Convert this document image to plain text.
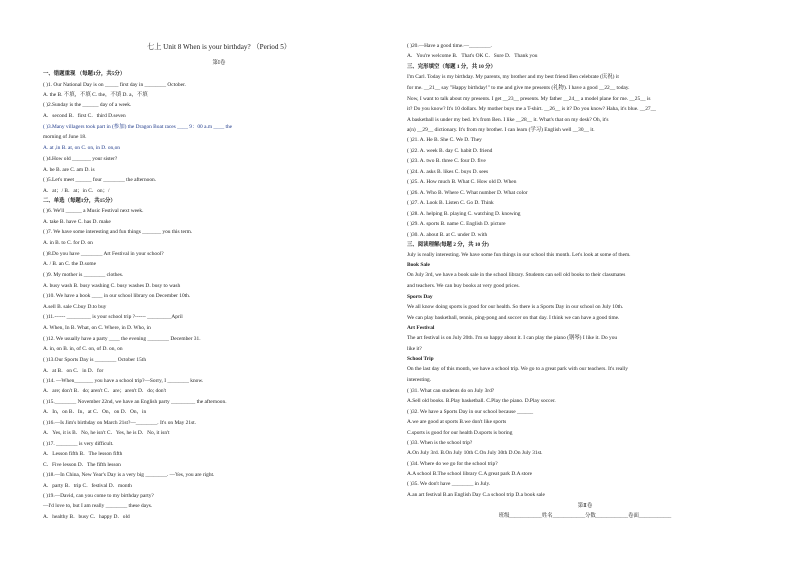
七上 Unit 8 When is your birthday? （Period 5）
第Ⅰ卷
一、错题重现 （每题1分，共5分）
( )1. Our National Day is on _____ first day in ________ October.
A. the B. 不填，不填 C. the，不填 D. a，不填
( )2.Sunday is the ______ day of a week.
A．second B．first C．third D.seven
( )3.Many villagers took part in (参加) the Dragon Boat races ____ 9：00 a.m ____ the
morning of June 18.
A. at ,in B. at, on C. on, in D. on,on
( )4.How old _______ your sister?
A. be B. are C. am D. is
( )5.Let's meet ______ four ________ the afternoon.
A．at；/ B．at；in C．on；/
二、单选（每题1分，共15分）
( )6. We'll ______ a Music Festival next week.
A. take B. have C. has D. make
( )7. We have some interesting and fun things _______ you this term.
A. in B. to C. for D. on
( )8.Do you have ________ Art Festival in your school?
A. / B. an C. the D.some
( )9. My mother is ________ clothes.
A. busy wash B. busy washing C. busy washes D. busy to wash
( )10. We have a book ____ in our school library on December 10th.
A.sell B. sale C.buy D.to buy
( )11.------ _________ is your school trip ?------ _________April
A. When, In B. What, on C. Where, in D. Who, in
( )12. We usually have a party ____ the evening ________ December 31.
A. in, on B. in, of C. on, of D. on, on
( )13.Our Sports Day is ________ October 15th
A．at B．on C．in D．for
( )14. —When_______ you have a school trip?—Sorry, I ________ know.
A．are; don't B．do; aren't C．are；aren't D．do; don't
( )15.________ November 22nd, we have an English party _________ the afternoon.
A．In，on B．In，at C．On，on D．On，in
( )16.—Is Jim's birthday on March 21st?—________. It's on May 21st.
A．Yes, it is B．No, he isn't C．Yes, he is D．No, it isn't
( )17. ________ is very difficult.
A．Lesson fifth B．The lesson fifth
C．Five lesson D．The fifth lesson
( )18.—In China, New Year's Day is a very big ________. —Yes, you are right.
A．party B．trip C．festival D．month
( )19.—David, can you come to my birthday party?
—I'd love to, but I am really ________ these days.
A．healthy B．busy C．happy D．old
( )20.—Have a good time.—________.
A．You're welcome B．That's OK C．Sure D．Thank you
三、完形填空（每题 1 分，共 10 分）
I'm Carl. Today is my birthday. My parents, my brother and my best friend Ben celebrate (庆祝) it
for me. __21__ say "Happy birthday!" to me and give me presents (礼物). I have a good __22__ today.
Now, I want to talk about my presents. I get __23__ presents. My father __24__ a model plane for me. __25__ is
it? Do you know? It's 10 dollars. My mother buys me a T-shirt. __26__ is it? Do you know? Haha, it's blue. __27__
A basketball is under my bed. It's from Ben. I like __28__ it. What's that on my desk? Oh, it's
a(n) __29__ dictionary. It's from my brother. I can learn (学习) English well __30__ it.
( )21. A. He B. She C. We D. They
( )22. A. week B. day C. habit D. friend
( )23. A. two B. three C. four D. five
( )24. A. asks B. likes C. buys D. sees
( )25. A. How much B. What C. How old D. When
( )26. A. Who B. Where C. What number D. What color
( )27. A. Look B. Listen C. Go D. Think
( )28. A. helping B. playing C. watching D. knowing
( )29. A. sports B. name C. English D. picture
( )30. A. about B. at C. under D. with
三、阅读理解(每题 2 分，共 10 分)
July is really interesting. We have some fun things in our school this month. Let's look at some of them.
Book Sale
On July 3rd, we have a book sale in the school library. Students can sell old books to their classmates
and teachers. We can buy books at very good prices.
Sports Day
We all know doing sports is good for our health. So there is a Sports Day in our school on July 10th.
We can play basketball, tennis, ping-pong and soccer on that day. I think we can have a good time.
Art Festival
The art festival is on July 20th. I'm so happy about it. I can play the piano (钢琴) I like it. Do you
like it?
School Trip
On the last day of this month, we have a school trip. We go to a great park with our teachers. It's really
interesting.
( )31. What can students do on July 3rd?
A.Sell old books. B.Play basketball. C.Play the piano. D.Play soccer.
( )32. We have a Sports Day in our school because ______
A.we are good at sports B.we don't like sports
C.sports is good for our health D.sports is boring
( )33. When is the school trip?
A.On July 3rd. B.On July 10th C.On July 30th D.On July 31st.
( )34. Where do we go for the school trip?
A.A school B.The school library C.A great park D.A store
( )35. We don't have ________ in July.
A.an art festival B.an English Day C.a school trip D.a book sale
第Ⅱ卷
班级____________姓名____________分数____________卷面____________
